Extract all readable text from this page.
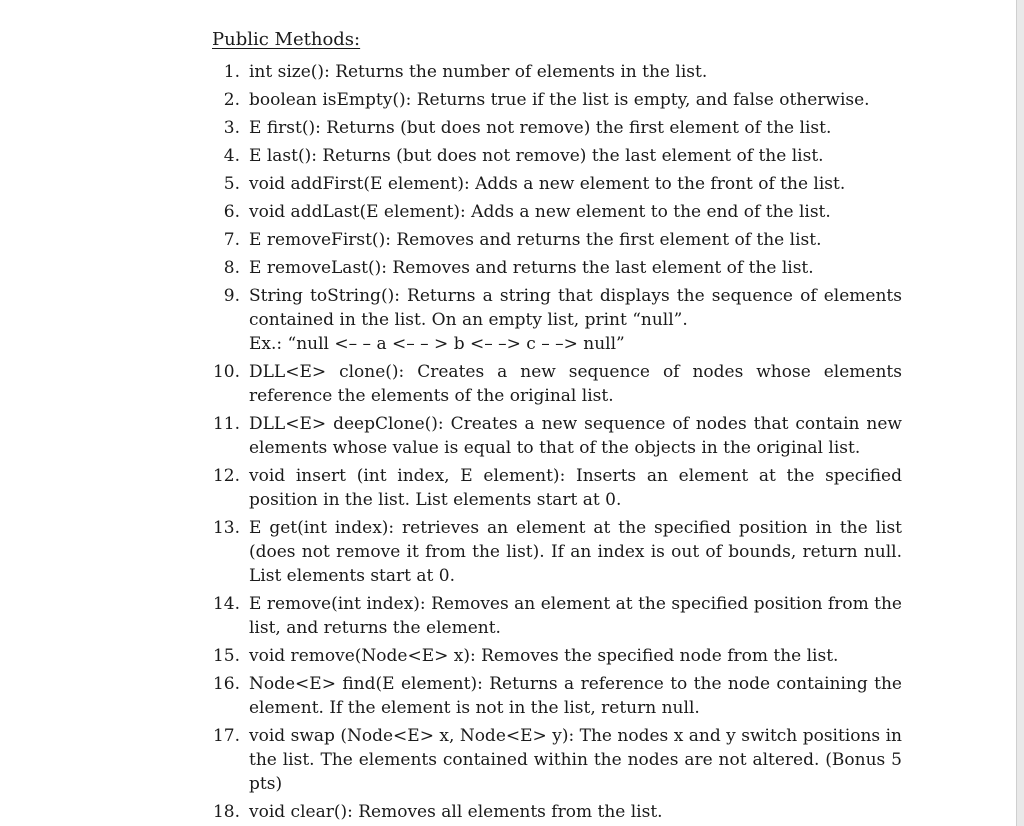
Public Methods:
1. int size(): Returns the number of elements in the list.
2. boolean isEmpty(): Returns true if the list is empty, and false otherwise.
3. E first(): Returns (but does not remove) the first element of the list.
4. E last(): Returns (but does not remove) the last element of the list.
5. void addFirst(E element): Adds a new element to the front of the list.
6. void addLast(E element): Adds a new element to the end of the list.
7. E removeFirst(): Removes and returns the first element of the list.
8. E removeLast(): Removes and returns the last element of the list.
9. String toString(): Returns a string that displays the sequence of elements contained in the list. On an empty list, print “null”.
Ex.: “null <– – a <– – > b <– –> c – –> null”
10. DLL<E> clone(): Creates a new sequence of nodes whose elements reference the elements of the original list.
11. DLL<E> deepClone(): Creates a new sequence of nodes that contain new elements whose value is equal to that of the objects in the original list.
12. void insert (int index, E element): Inserts an element at the specified position in the list. List elements start at 0.
13. E get(int index): retrieves an element at the specified position in the list (does not remove it from the list). If an index is out of bounds, return null. List elements start at 0.
14. E remove(int index): Removes an element at the specified position from the list, and returns the element.
15. void remove(Node<E> x): Removes the specified node from the list.
16. Node<E> find(E element): Returns a reference to the node containing the element. If the element is not in the list, return null.
17. void swap (Node<E> x, Node<E> y): The nodes x and y switch positions in the list. The elements contained within the nodes are not altered. (Bonus 5 pts)
18. void clear(): Removes all elements from the list.
